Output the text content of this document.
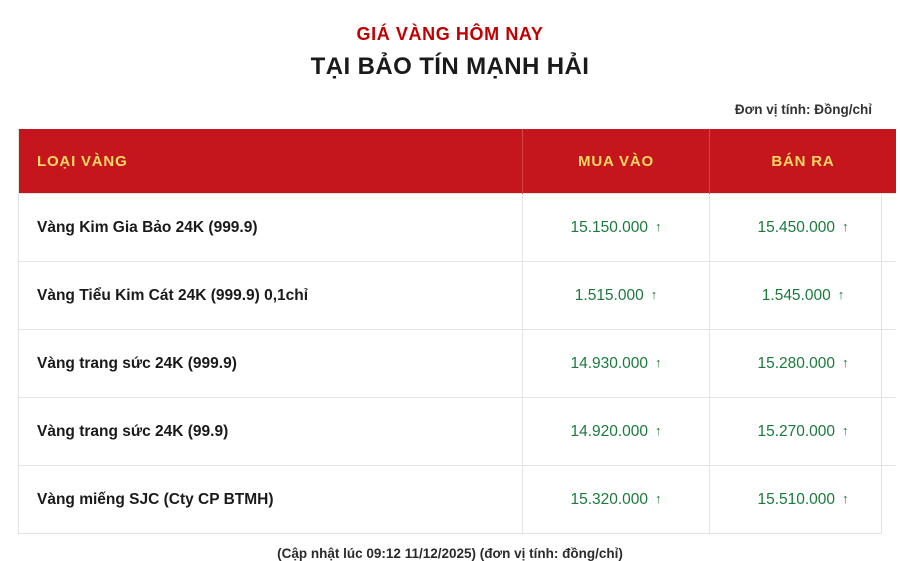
GIÁ VÀNG HÔM NAY
TẠI BẢO TÍN MẠNH HẢI
Đơn vị tính: Đồng/chỉ
LOẠI VÀNG	MUA VÀO	BÁN RA
Vàng Kim Gia Bảo 24K (999.9)	15.150.000 ↑	15.450.000 ↑
Vàng Tiểu Kim Cát 24K (999.9) 0,1chỉ	1.515.000 ↑	1.545.000 ↑
Vàng trang sức 24K (999.9)	14.930.000 ↑	15.280.000 ↑
Vàng trang sức 24K (99.9)	14.920.000 ↑	15.270.000 ↑
Vàng miếng SJC (Cty CP BTMH)	15.320.000 ↑	15.510.000 ↑
(Cập nhật lúc 09:12 11/12/2025) (đơn vị tính: đồng/chỉ)
